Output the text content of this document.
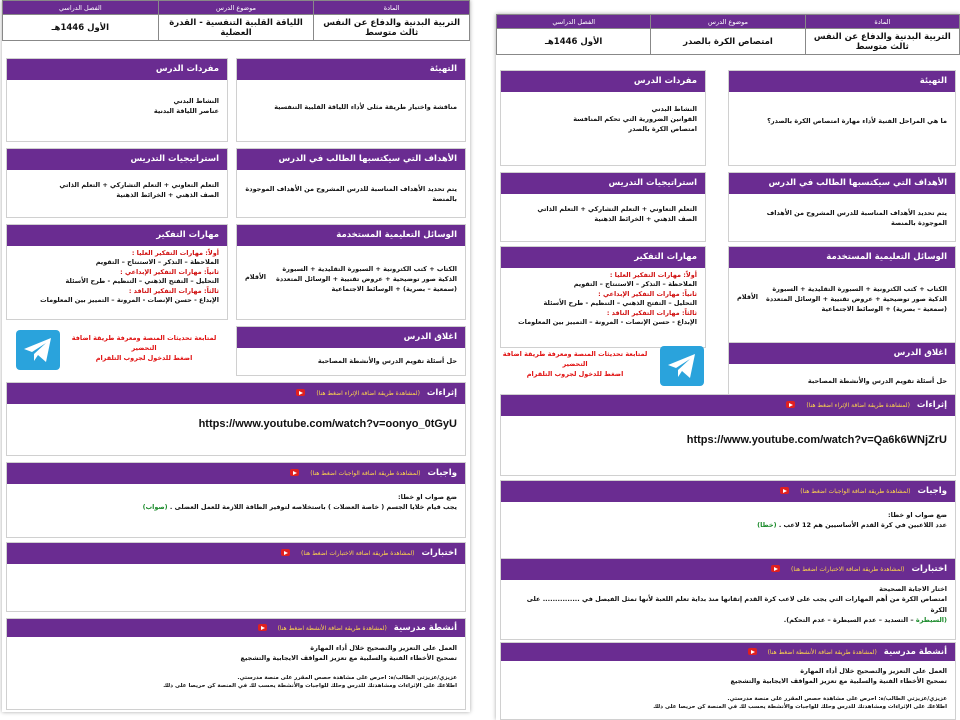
المادة	موضوع الدرس	الفصل الدراسي
التربية البدنية والدفاع عن النفس ثالث متوسط	اللياقة القلبية التنفسية - القدرة العضلية	الأول 1446هـ
التهيئة
مناقشة واختيار طريقة مثلى لأداء اللياقة القلبية التنفسية
مفردات الدرس
النشاط البدني
عناصر اللياقة البدنية
الأهداف التي سيكتسبها الطالب في الدرس
يتم تحديد الأهداف المناسبة للدرس المشروح من الأهداف الموجودة بالمنصة
استراتيجيات التدريس
التعلم التعاوني + التعلم التشاركي + التعلم الذاتي
الصف الذهني + الخرائط الذهنية
الوسائل التعليمية المستخدمة
الكتاب + كتب الكترونية + السبورة التقليدية + السبورة الذكية صور توضيحية + عروض تقنيية + الوسائل المتعددة (سمعية – بصرية) + الوسائط الاجتماعية
الأقلام
مهارات التفكير
أولاً: مهارات التفكير العليا :
الملاحظة – التذكر – الاستنتاج – التقويم
ثانياً: مهارات التفكير الإبداعي :
التحليل – التفتح الذهني – التنظيم - طرح الأسئلة
ثالثاً: مهارات التفكير الناقد :
الإبداع - حسن الإنصات - المرونة – التمييز بين المعلومات
اغلاق الدرس
حل أسئلة تقويم الدرس والأنشطة المصاحبة
لمتابعة تحديثات المنصة ومعرفة طريقة اضافة التحضير
اضغط للدخول لجروب التلقرام
إثراءات (لمشاهدة طريقة اضافة الإثراء اضغط هنا)
https://www.youtube.com/watch?v=oonyo_0tGyU
واجبات (لمشاهدة طريقة اضافة الواجبات اضغط هنا)
ضع صواب او خطا:
يجب قيام خلايا الجسم ( خاصة العضلات ) باستخلاصه لتوفير الطاقة اللازمة للعمل العضلى . (صواب)
اختبارات (لمشاهدة طريقة اضافة الاختبارات اضغط هنا)
أنشطة مدرسية (لمشاهدة طريقة اضافة الأنشطة اضغط هنا)
العمل على التعزيز والتصحيح خلال أداء المهارة
تصحيح الأخطاء الفنية والسلبية مع تعزيز المواقف الايجابية والتشجيع
عزيزي/عزيزتي الطالب/ة: احرص على مشاهدة حصص المقرر على منصة مدرستي.
اطلاعك على الإثراءات ومشاهدتك للدرس وحلك للواجبات والأنشطة يحسب لك في المنصة كن حريصا على ذلك
المادة	موضوع الدرس	الفصل الدراسي
التربية البدنية والدفاع عن النفس ثالث متوسط	امتصاص الكرة بالصدر	الأول 1446هـ
التهيئة
ما هي المراحل الفنية لأداء مهارة امتصاص الكرة بالصدر؟
مفردات الدرس
النشاط البدني
القوانين الضرورية التي تحكم المنافسة
امتصاص الكرة بالصدر
الأهداف التي سيكتسبها الطالب في الدرس
يتم تحديد الأهداف المناسبة للدرس المشروح من الأهداف الموجودة بالمنصة
استراتيجيات التدريس
التعلم التعاوني + التعلم التشاركي + التعلم الذاتي
الصف الذهني + الخرائط الذهنية
الوسائل التعليمية المستخدمة
الكتاب + كتب الكترونية + السبورة التقليدية + السبورة الذكية صور توضيحية + عروض تقنيية + الوسائل المتعددة (سمعية – بصرية) + الوسائط الاجتماعية
الأقلام
مهارات التفكير
أولاً: مهارات التفكير العليا :
الملاحظة – التذكر – الاستنتاج – التقويم
ثانياً: مهارات التفكير الإبداعي :
التحليل – التفتح الذهني – التنظيم - طرح الأسئلة
ثالثاً: مهارات التفكير الناقد :
الإبداع - حسن الإنصات - المرونة – التمييز بين المعلومات
اغلاق الدرس
حل أسئلة تقويم الدرس والأنشطة المصاحبة
لمتابعة تحديثات المنصة ومعرفة طريقة اضافة التحضير
اضغط للدخول لجروب التلقرام
إثراءات (لمشاهدة طريقة اضافة الإثراء اضغط هنا)
https://www.youtube.com/watch?v=Qa6k6WNjZrU
واجبات (لمشاهدة طريقة اضافة الواجبات اضغط هنا)
ضع صواب او خطا:
عدد اللاعبين في كرة القدم الأساسيين هم 12 لاعب . (خطا)
اختبارات (لمشاهدة طريقة اضافة الاختبارات اضغط هنا)
اختار الاجابة الصحيحة
امتصاص الكرة من أهم المهارات التي يجب على لاعب كرة القدم إتقانها منذ بداية تعلم اللعبة لأنها تمثل الفيصل في ............... على الكرة
(السيطرة – التسديد – عدم السيطرة – عدم التحكم).
أنشطة مدرسية (لمشاهدة طريقة اضافة الأنشطة اضغط هنا)
العمل على التعزيز والتصحيح خلال أداء المهارة
تصحيح الأخطاء الفنية والسلبية مع تعزيز المواقف الايجابية والتشجيع
عزيزي/عزيزتي الطالب/ة: احرص على مشاهدة حصص المقرر على منصة مدرستي.
اطلاعك على الإثراءات ومشاهدتك للدرس وحلك للواجبات والأنشطة يحسب لك في المنصة كن حريصا على ذلك
